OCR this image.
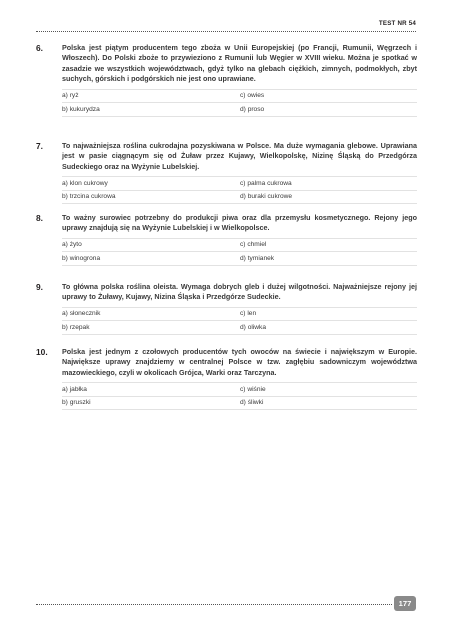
TEST NR 54
6.	Polska jest piątym producentem tego zboża w Unii Europejskiej (po Francji, Rumunii, Węgrzech i Włoszech). Do Polski zboże to przywieziono z Rumunii lub Węgier w XVIII wieku. Można je spotkać w zasadzie we wszystkich województwach, gdyż tylko na glebach ciężkich, zimnych, podmokłych, zbyt suchych, górskich i podgórskich nie jest ono uprawiane.
a) ryż	c) owies
b) kukurydza	d) proso
7.	To najważniejsza roślina cukrodajna pozyskiwana w Polsce. Ma duże wymagania glebowe. Uprawiana jest w pasie ciągnącym się od Żuław przez Kujawy, Wielkopolskę, Nizinę Śląską do Przedgórza Sudeckiego oraz na Wyżynie Lubelskiej.
a) klon cukrowy	c) palma cukrowa
b) trzcina cukrowa	d) buraki cukrowe
8.	To ważny surowiec potrzebny do produkcji piwa oraz dla przemysłu kosmetycznego. Rejony jego uprawy znajdują się na Wyżynie Lubelskiej i w Wielkopolsce.
a) żyto	c) chmiel
b) winogrona	d) tymianek
9.	To główna polska roślina oleista. Wymaga dobrych gleb i dużej wilgotności. Najważniejsze rejony jej uprawy to Żuławy, Kujawy, Nizina Śląska i Przedgórze Sudeckie.
a) słonecznik	c) len
b) rzepak	d) oliwka
10. Polska jest jednym z czołowych producentów tych owoców na świecie i największym w Europie. Największe uprawy znajdziemy w centralnej Polsce w tzw. zagłębiu sadowniczym województwa mazowieckiego, czyli w okolicach Grójca, Warki oraz Tarczyna.
a) jabłka	c) wiśnie
b) gruszki	d) śliwki
177
